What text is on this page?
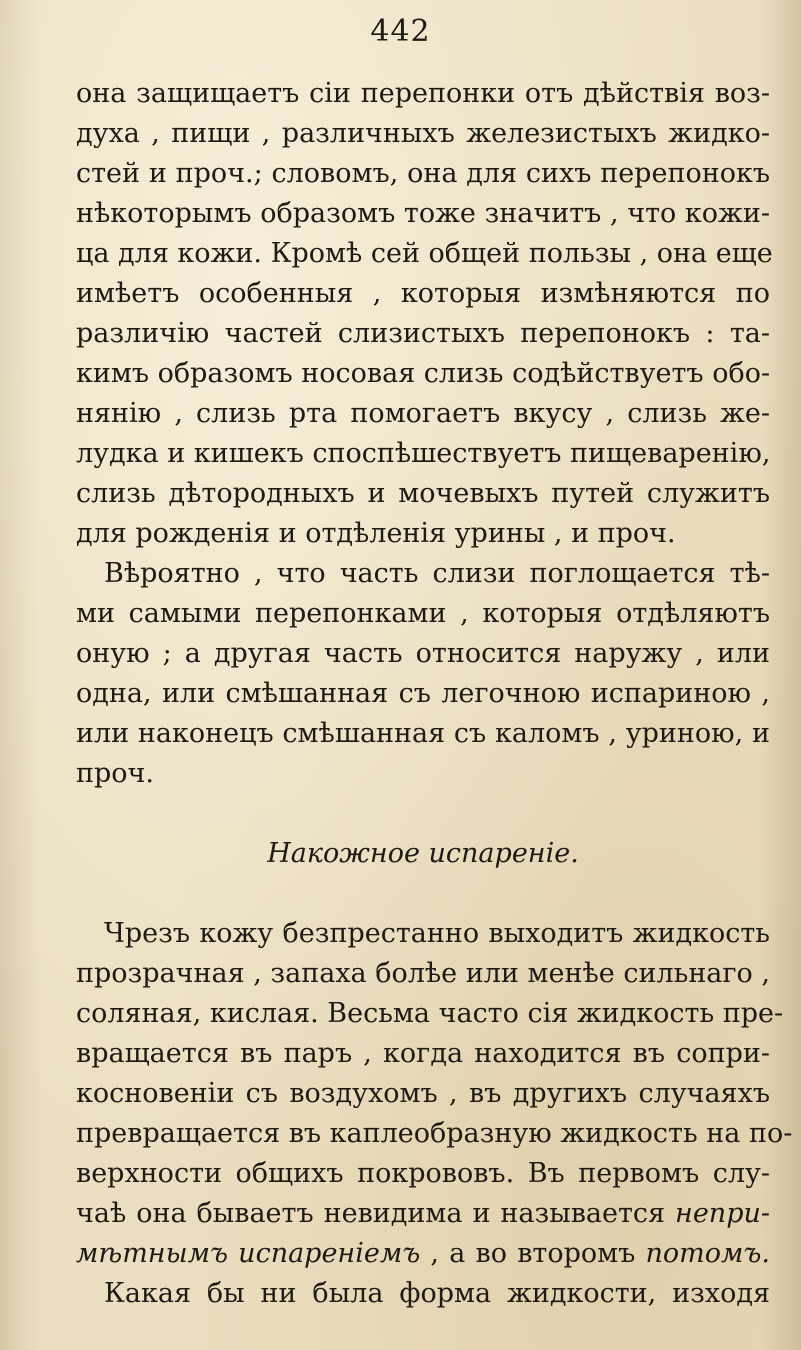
442
она защищаетъ сіи перепонки отъ дѣйствія воз-
духа , пищи , различныхъ железистыхъ жидко-
стей и проч.; словомъ, она для сихъ перепонокъ
нѣкоторымъ образомъ тоже значитъ , что кожи-
ца для кожи. Кромѣ сей общей пользы , она еще
имѣетъ особенныя , которыя измѣняются по
различію частей слизистыхъ перепонокъ : та-
кимъ образомъ носовая слизь содѣйствуетъ обо-
нянію , слизь рта помогаетъ вкусу , слизь же-
лудка и кишекъ споспѣшествуетъ пищеваренію,
слизь дѣтородныхъ и мочевыхъ путей служитъ
для рожденія и отдѣленія урины , и проч.
Вѣроятно , что часть слизи поглощается тѣ-
ми самыми перепонками , которыя отдѣляютъ
оную ; а другая часть относится наружу , или
одна, или смѣшанная съ легочною испариною ,
или наконецъ смѣшанная съ каломъ , уриною, и
проч.
Накожное испареніе.
Чрезъ кожу безпрестанно выходитъ жидкость
прозрачная , запаха болѣе или менѣе сильнаго ,
соляная, кислая. Весьма часто сія жидкость пре-
вращается въ паръ , когда находится въ сопри-
косновеніи съ воздухомъ , въ другихъ случаяхъ
превращается въ каплеобразную жидкость на по-
верхности общихъ покрововъ. Въ первомъ слу-
чаѣ она бываетъ невидима и называется непри-
мѣтнымъ испареніемъ , а во второмъ потомъ.
Какая бы ни была форма жидкости, изходя
